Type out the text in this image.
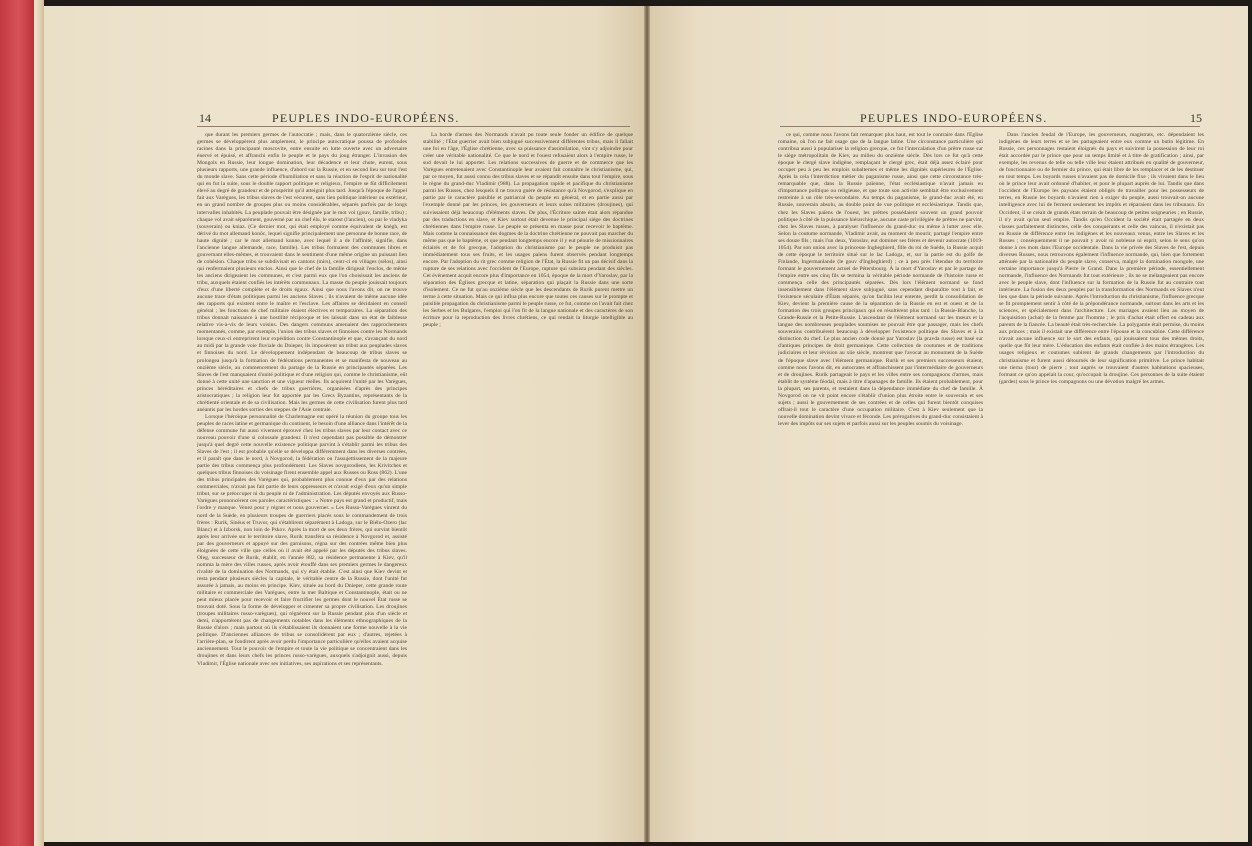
14	PEUPLES INDO-EUROPÉENS.

que durant les premiers germes de l'autocratie ; mais, dans le quatorzième siècle, ces germes se développèrent plus amplement, le principe autocratique poussa de profondes racines dans la principauté moscovite, entre ensuite en lutte ouverte avec un adversaire énervé et épuisé, et affranchi enfin le peuple et le pays du joug étranger. L'invasion des Mongols en Russie, leur longue domination, leur décadence et leur chute, eurent, sous plusieurs rapports, une grande influence, d'abord sur la Russie, et en second lieu sur tout l'est du monde slave. Sans cette période d'humiliation et sans la réaction de l'esprit de nationalité qui en fut la suite, sous le double rapport politique et religieux, l'empire se fût difficilement élevé au degré de grandeur et de prospérité qu'il atteignit plus tard. Jusqu'à l'époque de l'appel fait aux Varègues, les tribus slaves de l'est vécurent, sans lien politique intérieur ou extérieur, en un grand nombre de groupes plus ou moins considérables, séparés parfois par de longs intervalles inhabités. La peuplade pouvait être désignée par le mot vol (gouv, famille, tribu) ; chaque vol avait séparément, gouverné par un chef élu, le starost (l'ancien), ou par le vladyka (souverain) ou kniaz. (Ce dernier mot, qui était employé comme équivalent de knègh, est dérivé du mot allemand konôc, lequel signifie principalement une personne de bonne race, de haute dignité ; car le mot allemand kunne, avec lequel il a de l'affinité, signifie, dans l'ancienne langue allemande, race, famille). Les tribus formaient des communes libres et gouvernant elles-mêmes, et trouvaient dans le sentiment d'une même origine un puissant lien de cohésion. Chaque tribu se subdivisait en cantons (mirs), centr-ci en villages (sélos), ainsi qui renfermaient plusieurs enclos. Ainsi que le chef de la famille dirigeait l'enclos, de même les anciens dirigeaient les communes, et c'est parmi eux que l'on choisissait les anciens de tribu, auxquels étaient confiés les intérêts communaux. La masse du peuple jouissait toujours d'eux d'une liberté complète et de droits égaux. Ainsi que nous l'avons dit, on ne trouve aucune trace d'états politiques parmi les anciens Slaves ; ils n'avaient de même aucune idée des rapports qui existent entre le maître et l'esclave. Les affaires se décidaient en conseil général ; les fonctions de chef militaire étaient électives et temporaires. La séparation des tribus donnait naissance à une hostilité réciproque et les laissait dans un état de faiblesse relative vis-à-vis de leurs voisins. Des dangers communs amenaient des rapprochements momentanés, comme, par exemple, l'union des tribus slaves et finnoises contre les Normands lorsque ceux-ci entreprirent leur expédition contre Constantinople et que, s'avançant du nord au midi par la grande voie fluviale du Dnieper, ils imposèrent un tribut aux peuplades slaves et finnoises du nord. Le développement indépendant de beaucoup de tribus slaves se prolongea jusqu'à la formation de fédérations permanentes et se manifesta de nouveau au onzième siècle, au commencement du partage de la Russie en principautés séparées. Les Slaves de l'est manquaient d'unité politique et d'une religion qui, comme le christianisme, eût donné à cette unité une sanction et une vigueur réelles. Ils acquirent l'unité par les Varègues, princes héréditaires et chefs de tribus guerrières, organisées d'après des principes aristocratiques ; la religion leur fut apportée par les Grecs Byzantins, représentants de la chrétienté orientale et de sa civilisation. Mais les germes de cette civilisation furent plus tard anéantis par les hordes sorties des steppes de l'Asie centrale.

Lorsque l'héroïque personnalité de Charlemagne eut opéré la réunion du groupe tous les peuples de races latine et germanique du continent, le besoin d'une alliance dans l'intérêt de la défense commune fut aussi vivement éprouvé chez les tribus slaves par leur contact avec ce nouveau pouvoir d'une si colossale grandeur. Il n'est cependant pas possible de démontrer jusqu'à quel degré cette nouvelle existence politique parvint à s'établir parmi les tribus des Slaves de l'est ; il est probable qu'elle se développa différemment dans les diverses contrées, et il paraît que dans le nord, à Novgorod, la fédération ou l'assujettissement de la majeure partie des tribus commença plus profondément. Les Slaves novgorodiens, les Krivitches et quelques tribus finnoises du voisinage firent ensemble appel aux Russes ou Ross (862). L'une des tribus principales des Varègues qui, probablement plus connue d'eux par des relations commerciales, n'avait pas fait partie de leurs oppresseurs et n'avait exigé d'eux qu'un simple tribut, sur se préoccuper ni du peuple ni de l'administration. Les députés envoyés aux Russo-Varègues prononcèrent ces paroles caractéristiques : « Notre pays est grand et productif, mais l'ordre y manque. Venez pour y régner et nous gouverner. » Les Russo-Varègues vinrent du nord de la Suède, en plusieurs troupes de guerriers placés sous le commandement de trois frères : Rurik, Sinéus et Truvor, qui s'établirent séparément à Ladoga, sur le Biélo-Ozero (lac Blanc) et à Izborsk, non loin de Pskov. Après la mort de ses deux frères, qui survint bientôt après leur arrivée sur le territoire slave, Rurik transféra sa résidence à Novgorod et, assisté par des gouverneurs et appuyé sur des garnisons, régna sur des contrées même bien plus éloignées de cette ville que celles où il avait été appelé par les députés des tribus slaves. Oleg, successeur de Rurik, établit, en l'année 882, sa résidence permanente à Kiev, qu'il nomma la mère des villes russes, après avoir étouffé dans ses premiers germes le dangereux rivalité de la domination des Normands, qui s'y était établie. C'est ainsi que Kiev devint et resta pendant plusieurs siècles la capitale, le véritable centre de la Russie, dont l'unité fut assurée à jamais, au moins en principe. Kiev, située au bord du Dnieper, cette grande route militaire et commerciale des Varègues, entre la mer Baltique et Constantinople, était ou ne peut mieux placée pour recevoir et faire fructifier les germes dont le nouvel État russe se trouvait doté. Sous la forme de développer et cimenter sa propre civilisation. Les droujines (troupes militaires russo-varègues), qui régnèrent sur la Russie pendant plus d'un siècle et demi, n'apportèrent pas de changements notables dans les éléments ethnographiques de la Russie d'alors ; mais partout où ils s'établissaient ils donnaient une forme nouvelle à la vie politique. D'anciennes alliances de tribus se consolidèrent par eux ; d'autres, rejetées à l'arrière-plan, se fondirent après avoir perdu l'importance particulière qu'elles avaient acquise anciennement. Tout le pouvoir de l'empire et toute la vie politique se concentraient dans les droujines et dans leurs chefs les princes russo-varègues, auxquels s'adjoignit aussi, depuis Vladimir, l'Église nationale avec ses initiatives, ses aspirations et ses représentants.

La horde d'armes des Normands n'avait pu toute seule fonder un édifice de quelque stabilité ; l'État guerrier avait bien subjugué successivement différentes tribus, mais il fallait une foi en l'âge, l'Église chrétienne, avec sa puissance d'assimilation, vint s'y adjoindre pour créer une véritable nationalité. Ce que le nord et l'ouest refusaient alors à l'empire russe, le sud devait le lui apporter. Les relations successives de guerre et de commerce que les Varègues entretenaient avec Constantinople leur avaient fait connaître le christianisme, qui, par ce moyen, fut aussi connu des tribus slaves et se répandit ensuite dans tout l'empire, sous le règne du grand-duc Vladimir (988). La propagation rapide et pacifique du christianisme parmi les Russes, chez lesquels il ne trouva guère de résistance qu'à Novgorod, s'explique en partie par le caractère paisible et patriarcal du peuple en général, et en partie aussi par l'exemple donné par les princes, les gouverneurs et leurs suites militaires (droujines), qui suivissaient déjà beaucoup d'éléments slaves. De plus, l'Écriture sainte était alors répandue par des traductions en slave, et Kiev surtout était devenue le principal siège des doctrines chrétiennes dans l'empire russe. Le peuple se présenta en masse pour recevoir le baptême. Mais comme la connaissance des dogmes de la doctrine chrétienne ne pouvait pas marcher du même pas que le baptême, et que pendant longtemps encore il y eut pénurie de missionnaires éclairés et de foi grecque, l'adoption du christianisme par le peuple ne produisit pas immédiatement tous ses fruits, et les usages païens furent observés pendant longtemps encore. Par l'adoption du rit grec comme religion de l'État, la Russie fit un pas décisif dans la rupture de ses relations avec l'occident de l'Europe, rupture qui subsista pendant des siècles. Cet événement acquit encore plus d'importance en 1054, époque de la mort d'Yaroslav, par la séparation des Églises grecque et latine, séparation qui plaçait la Russie dans une sorte d'isolement. Ce ne fut qu'au onzième siècle que les descendants de Rurik purent mettre un terme à cette situation. Mais ce qui influa plus encore que toutes ces causes sur le prompte et paisible propagation du christianisme parmi le peuple russe, ce fut, comme on l'avait fait chez les Serbes et les Bulgares, l'emploi qui l'on fit de la langue nationale et des caractères de son écriture pour la reproduction des livres chrétiens, ce qui rendait la liturgie intelligible au peuple ;

PEUPLES INDO-EUROPÉENS.	15

ce qui, comme nous l'avons fait remarquer plus haut, est tout le contraire dans l'Église romaine, où l'on ne fait usage que de la langue latine. Une circonstance particulière qui contribua aussi à populariser la religion grecque, ce fut l'intercalation d'un prêtre russe sur le siège métropolitain de Kiev, au milieu du onzième siècle. Dès lors ce fut qu'à cette époque le clergé slave indigène, remplaçant le clergé grec, était déjà assez éclairé pour occuper peu à peu les emplois subalternes et même les dignités supérieures de l'Église. Après la cela l'interdiction métier du paganisme russe, ainsi que cette circonstance très-remarquable que, dans la Russie païenne, l'état ecclésiastique n'avait jamais eu d'importance politique ou religieuse, et que toute son activité semblait être exclusivement restreinte à un rôle très-secondaire. Au temps du paganisme, le grand-duc avait été, en Russie, souverain absolu, au double point de vue politique et ecclésiastique. Tandis que, chez les Slaves païens de l'ouest, les prêtres possédaient souvent un grand pouvoir politique à côté de la puissance hiérarchique, aucune caste privilégiée de prêtres ne parvint, chez les Slaves russes, à paralyser l'influence du grand-duc ou même à lutter avec elle. Selon la coutume normande, Vladimir avait, au moment de mourir, partagé l'empire entre ses douze fils ; mais l'un deux, Yaroslav, eut dominer ses frères et devenir autocrate (1019-1054). Par son union avec la princesse Ingheghierd, fille du roi de Suède, la Russie acquit de cette époque le territoire situé sur le lac Ladoga, et, sur la partie est du golfe de Finlande, Ingermanlande (le gouv d'Ingheghierd) ; ce à peu près l'étendue du territoire formant le gouvernement actuel de Pétersbourg. À la mort d'Yaroslav et par le partage de l'empire entre ses cinq fils se termina la véritable période normande de l'histoire russe et commença celle des principautés séparées. Dès lors l'élément normand se fond insensiblement dans l'élément slave subjugué, sans cependant disparaître tout à fait, et l'existence séculaire d'États séparés, qu'on facilita leur entente, perdit la consolidation de Kiev, devient la première cause de la séparation de la Russie en est et ouest et de la formation des trois groupes principaux qui en résultèrent plus tard : la Russie-Blanche, la Grande-Russie et la Petite-Russie. L'ascendant de l'élément normand sur les mœurs et la langue des nombreuses peuplades soumises ne pouvait être que passager, mais les chefs souverains contribuèrent beaucoup à développer l'existence politique des Slaves et à la distinction du chef. Le plus ancien code donné par Yaroslav (la pravda russe) est basé sur d'antiques principes de droit germanique. Cette collection de coutumes et de traditions judiciaires et leur révision au xiie siècle, montrent que l'avocat au monument de la Suède de l'époque slave avec l'élément germanique. Rurik et ses premiers successeurs étaient, comme nous l'avons dit, en autocrates et affranchissent par l'intermédiaire de gouverneurs et de droujines. Rurik partageait le pays et les villes entre ses compagnons d'armes, mais établit de système féodal, mais à titre d'apanages de famille. Ils étaient probablement, pour la plupart, ses parents, et restaient dans la dépendance immédiate du chef de famille. À Novgorod on ne vit point encore s'établir d'union plus étroite entre le souverain et ses sujets ; aussi le gouvernement de ses contrées et de celles qui furent bientôt conquises offrait-il tout le caractère d'une occupation militaire. C'est à Kiev seulement que la nouvelle domination devint vivace et féconde. Les prérogatives du grand-duc consistaient à lever des impôts sur ses sujets et parfois aussi sur les peuples soumis du voisinage.

Dans l'ancien feudal de l'Europe, les gouverneurs, magistrats, etc. dépendaient les indigènes de leurs terres et se les partageaient entre eux comme un butin légitime. En Russie, ces personnages restaient éloignés du pays et suivirent la possession de leur roi était accordée par le prince que pour un temps limité et à titre de gratification ; ainsi, par exemple, les revenus de telle ou telle ville leur étaient attribués en qualité de gouverneur, de fonctionnaire ou de fermier du prince, qui était libre de les remplacer et de les destituer en tout temps. Les boyards russes n'avaient pas de domicile fixe ; ils vivaient dans le lieu où le prince leur avait ordonné d'habiter, et pour le plupart auprès de lui. Tandis que dans l'occident de l'Europe les paysans étaient obligés de travailler pour les possesseurs de terres, en Russie les boyards n'avaient rien à exiger du peuple, aussi trouvait-on aucune intelligence avec lui de ferment seulement les impôts et réparaient dans les tribunaux. En Occident, il se créait de grands états terrain de beaucoup de petites seigneuries ; en Russie, il n'y avait qu'un seul empire. Tandis qu'en Occident la société était partagée en deux classes parfaitement distinctes, celle des conquérants et celle des vaincus, il n'existait pas en Russie de différence entre les indigènes et les nouveaux venus, entre les Slaves et les Russes ; conséquemment il ne pouvait y avoir ni noblesse ni esprit, selon le sens qu'on donne à ces mots dans l'Europe occidentale. Dans la vie privée des Slaves de l'est, depuis diverses Russes, nous retrouvons également l'influence normande, qui, bien que fortement atténuée par la nationalité du peuple slave, conserva, malgré la domination mongole, une certaine importance jusqu'à Pierre le Grand. Dans la première période, essentiellement normande, l'influence des Normands fut tout extérieure ; ils ne se mélangeaient pas encore avec le peuple slave, dont l'influence sur la formation de la Russie fut au contraire tout intérieure. La fusion des deux peuples par la transformation des Normands en Slaves n'eut lieu que dans la période suivante. Après l'introduction du christianisme, l'influence grecque se fit promptement sentir à côté de la prépondérance normande, surtout dans les arts et les sciences, et spécialement dans l'architecture. Les mariages avaient lieu au moyen de l'acquisition (achat) de la femme par l'homme ; le prix d'achat était offert en cadeau aux parents de la fiancée. La beauté était très-recherchée. La polygamie était permise, du moins aux princes ; mais il existait une différence entre l'épouse et la concubine. Cette différence n'avait aucune influence sur le sort des enfants, qui jouissaient tous des mêmes droits, quelle que fût leur mère. L'éducation des enfants était confiée à des mains étrangères. Les usages religieux et coutumes subirent de grands changements par l'introduction du christianisme et furent aussi détournés de leur signification primitive. Le prince habitait une tierna (tour) de pierre ; tout auprès se trouvaient d'autres habitations spacieuses, formant ce qu'on appelait la cour, qu'occupait la droujine. Ces personnes de la suite étaient (gardes) sous le prince les compagnons ou une dévotion malgré les armes.
